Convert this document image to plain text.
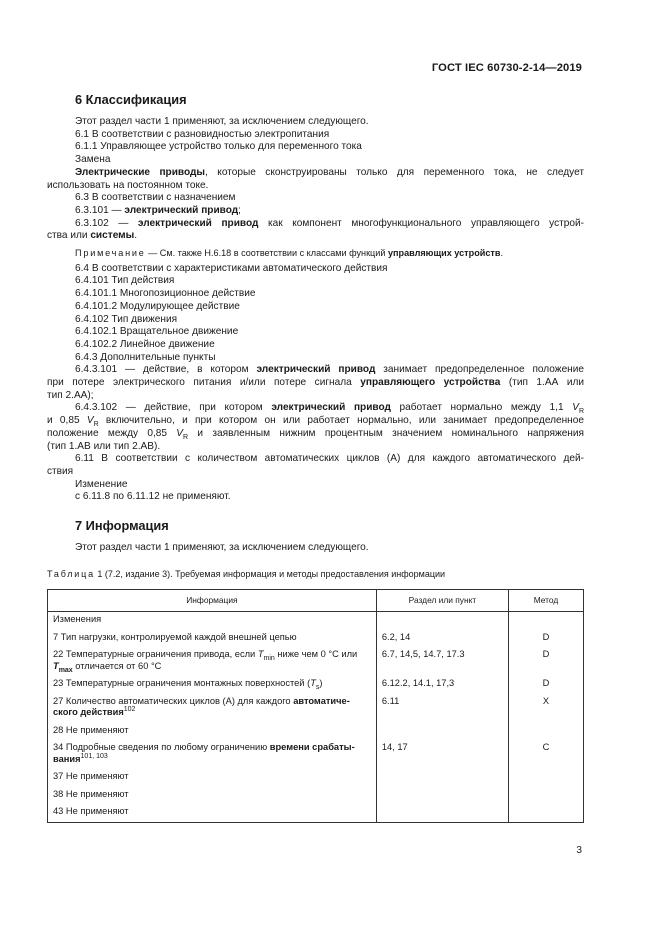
ГОСТ IEC 60730-2-14—2019
6 Классификация

Этот раздел части 1 применяют, за исключением следующего.

6.1 В соответствии с разновидностью электропитания

6.1.1 Управляющее устройство только для переменного тока

Замена

Электрические приводы, которые сконструированы только для переменного тока, не следует

использовать на постоянном токе.

6.3 В соответствии с назначением

6.3.101 — электрический привод;

6.3.102 — электрический привод как компонент многофункционального управляющего устрой-

ства или системы.

Примечание — См. также Н.6.18 в соответствии с классами функций управляющих устройств.

6.4 В соответствии с характеристиками автоматического действия

6.4.101 Тип действия

6.4.101.1 Многопозиционное действие

6.4.101.2 Модулирующее действие

6.4.102 Тип движения

6.4.102.1 Вращательное движение

6.4.102.2 Линейное движение

6.4.3 Дополнительные пункты

6.4.3.101 — действие, в котором электрический привод занимает предопределенное положение

при потере электрического питания и/или потере сигнала управляющего устройства (тип 1.АА или

тип 2.АА);

6.4.3.102 — действие, при котором электрический привод работает нормально между 1,1 $V_R$

и 0,85 $V_R$ включительно, и при котором он или работает нормально, или занимает предопределенное

положение между 0,85 $V_R$ и заявленным нижним процентным значением номинального напряжения

(тип 1.АВ или тип 2.АВ).

6.11 В соответствии с количеством автоматических циклов (А) для каждого автоматического дей-

ствия

Изменение

с 6.11.8 по 6.11.12 не применяют.

7 Информация

Этот раздел части 1 применяют, за исключением следующего.

Таблица 1 (7.2, издание 3). Требуемая информация и методы предоставления информации

Информация	Раздел или пункт	Метод
Изменения		
7 Тип нагрузки, контролируемой каждой внешней цепью	6.2, 14	D
22 Температурные ограничения привода, если $T_{min}$ ниже чем 0 °С или
$T_{max}$ отличается от 60 °С	6.7, 14,5, 14.7, 17.3	D
23 Температурные ограничения монтажных поверхностей $(T_s)$	6.12.2, 14.1, 17,3	D
27 Количество автоматических циклов (А) для каждого автоматиче-
ского действия$^{102}$	6.11	X
28 Не применяют		
34 Подробные сведения по любому ограничению времени срабаты-
вания$^{101, 103}$	14, 17	С
37 Не применяют		
38 Не применяют		
43 Не применяют		
3
